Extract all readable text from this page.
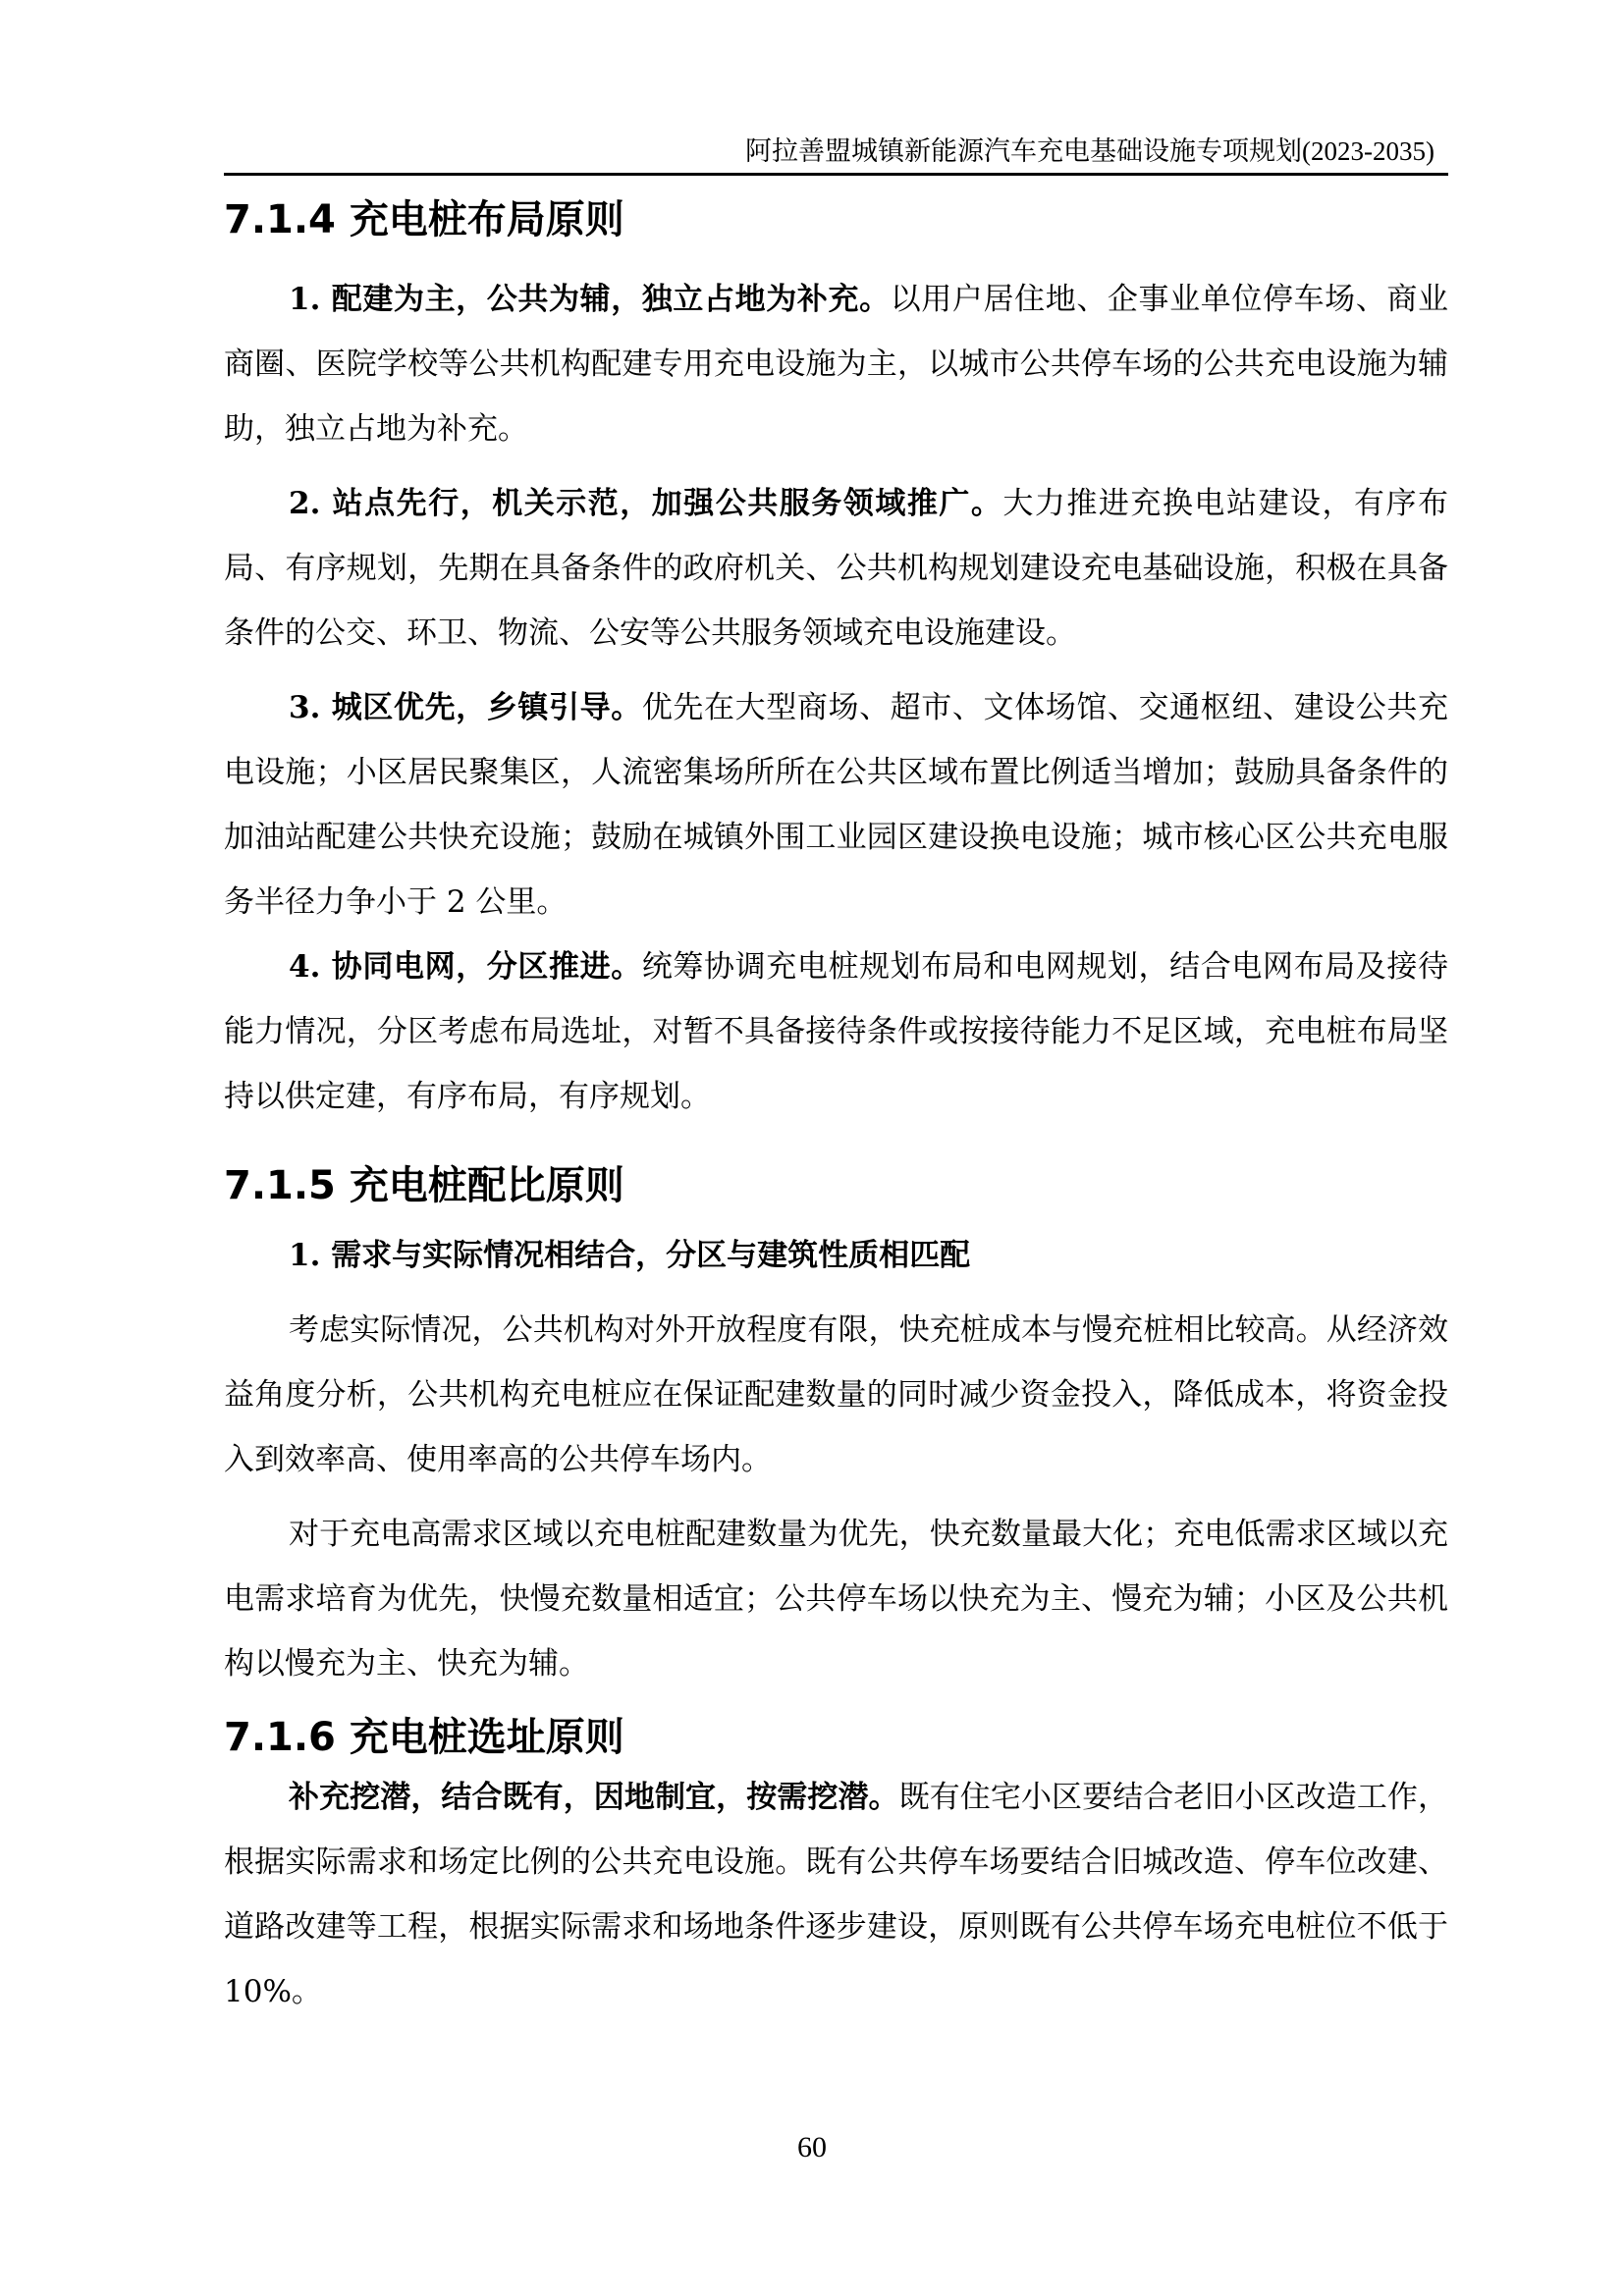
阿拉善盟城镇新能源汽车充电基础设施专项规划(2023-2035)
7.1.4 充电桩布局原则

1. 配建为主，公共为辅，独立占地为补充。以用户居住地、企事业单位停车场、商业商圈、医院学校等公共机构配建专用充电设施为主，以城市公共停车场的公共充电设施为辅助，独立占地为补充。

2. 站点先行，机关示范，加强公共服务领域推广。大力推进充换电站建设，有序布局、有序规划，先期在具备条件的政府机关、公共机构规划建设充电基础设施，积极在具备条件的公交、环卫、物流、公安等公共服务领域充电设施建设。

3. 城区优先，乡镇引导。优先在大型商场、超市、文体场馆、交通枢纽、建设公共充电设施；小区居民聚集区，人流密集场所所在公共区域布置比例适当增加；鼓励具备条件的加油站配建公共快充设施；鼓励在城镇外围工业园区建设换电设施；城市核心区公共充电服务半径力争小于 2 公里。

4. 协同电网，分区推进。统筹协调充电桩规划布局和电网规划，结合电网布局及接待能力情况，分区考虑布局选址，对暂不具备接待条件或按接待能力不足区域，充电桩布局坚持以供定建，有序布局，有序规划。

7.1.5 充电桩配比原则

1. 需求与实际情况相结合，分区与建筑性质相匹配

考虑实际情况，公共机构对外开放程度有限，快充桩成本与慢充桩相比较高。从经济效益角度分析，公共机构充电桩应在保证配建数量的同时减少资金投入，降低成本，将资金投入到效率高、使用率高的公共停车场内。

对于充电高需求区域以充电桩配建数量为优先，快充数量最大化；充电低需求区域以充电需求培育为优先，快慢充数量相适宜；公共停车场以快充为主、慢充为辅；小区及公共机构以慢充为主、快充为辅。

7.1.6 充电桩选址原则

补充挖潜，结合既有，因地制宜，按需挖潜。既有住宅小区要结合老旧小区改造工作，根据实际需求和场定比例的公共充电设施。既有公共停车场要结合旧城改造、停车位改建、道路改建等工程，根据实际需求和场地条件逐步建设，原则既有公共停车场充电桩位不低于 10%。

60
